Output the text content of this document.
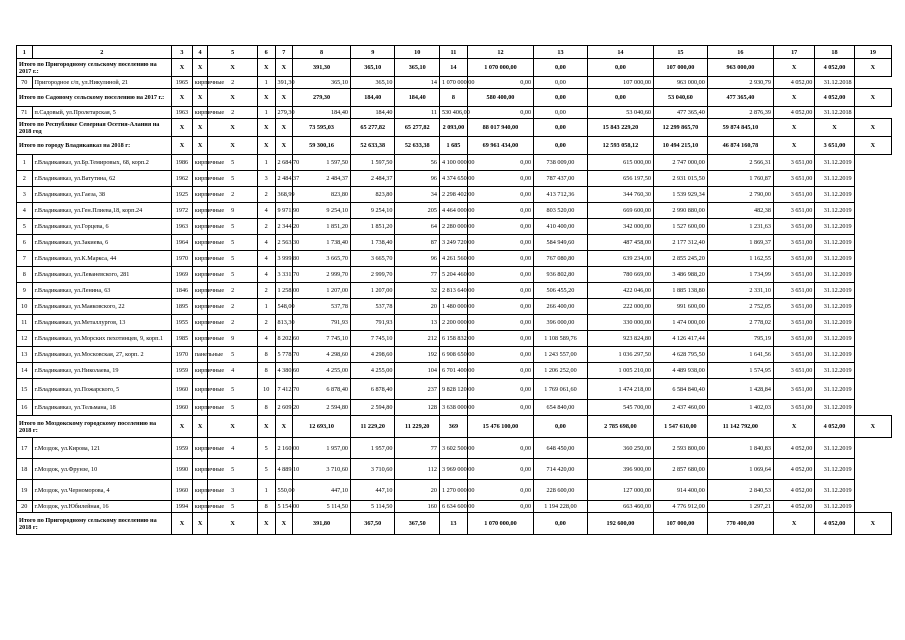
1	2	3	4	5	6	7	8	9	10	11	12	13	14	15	16	17	18	19
Итого по Пригородному сельскому поселению на 2017 г.:		X	X	X	X	X	391,30	365,10	365,10	14	1 070 000,00	0,00	0,00	107 000,00	963 000,00	X	4 052,00	X
70	Пригородное с/п, ул.Никулиной, 21	1965	кирпичные	2	1	391,30	365,10	365,10	14	1 070 000,00	0,00	0,00	107 000,00	963 000,00	2 930,79	4 052,00	31.12.2018	
Итого по Садовому сельскому поселению на 2017 г.:		X	X	X	X	X	279,30	184,40	184,40	8	580 400,00	0,00	0,00	53 040,60	477 365,40	X	4 052,00	X
71	п.Садовый, ул.Пролетарская, 5	1963	кирпичные	2	1	279,30	184,40	184,40	11	530 406,00	0,00	0,00	53 040,60	477 365,40	2 876,39	4 052,00	31.12.2018	
Итого по Республике Северная Осетия-Алания на 2018 год		X	X	X	X	X	73 595,03	65 277,82	65 277,82	2 093,00	88 017 940,00	0,00	15 843 229,20	12 299 865,70	59 874 845,10	X	X	X
Итого по городу Владикавказ на 2018 г:		X	X	X	X	X	59 300,16	52 633,38	52 633,38	1 685	69 961 434,00	0,00	12 593 058,12	10 494 215,10	46 874 160,78	X	3 651,00	X
1	г.Владикавказ, ул.Бр.Темировых, 68, корп.2	1986	кирпичные	5	1	2 684,70	1 597,50	1 597,50	56	4 100 000,00	0,00	738 009,00	615 000,00	2 747 000,00	2 566,31	3 651,00	31.12.2019	
2	г.Владикавказ, ул.Ватутина, 62	1962	кирпичные	5	3	2 484,37	2 484,37	2 484,37	96	4 374 650,00	0,00	787 437,00	656 197,50	2 931 015,50	1 760,87	3 651,00	31.12.2019	
3	г.Владикавказ, ул.Гаеза, 38	1925	кирпичные	2	2	368,99	823,80	823,80	34	2 298 402,00	0,00	413 712,36	344 760,30	1 539 929,34	2 790,00	3 651,00	31.12.2019	
4	г.Владикавказ, ул.Ген.Плиева,18, корп.24	1972	кирпичные	9	4	9 971,90	9 254,10	9 254,10	205	4 464 000,00	0,00	803 520,00	669 600,00	2 990 880,00	482,38	3 651,00	31.12.2019	
5	г.Владикавказ, ул.Горцева, 6	1963	кирпичные	5	2	2 344,20	1 851,20	1 851,20	64	2 280 000,00	0,00	410 400,00	342 000,00	1 527 600,00	1 231,63	3 651,00	31.12.2019	
6	г.Владикавказ, ул.Закиева, 6	1964	кирпичные	5	4	2 563,30	1 738,40	1 738,40	87	3 249 720,00	0,00	584 949,60	487 458,00	2 177 312,40	1 869,37	3 651,00	31.12.2019	
7	г.Владикавказ, ул.К.Маркса, 44	1970	кирпичные	5	4	3 999,80	3 665,70	3 665,70	96	4 261 560,00	0,00	767 080,80	639 234,00	2 855 245,20	1 162,55	3 651,00	31.12.2019	
8	г.Владикавказ, ул.Леваневского, 281	1969	кирпичные	5	4	3 331,70	2 999,70	2 999,70	77	5 204 460,00	0,00	936 802,80	780 669,00	3 486 988,20	1 734,99	3 651,00	31.12.2019	
9	г.Владикавказ, ул.Ленина, 63	1846	кирпичные	2	2	1 258,00	1 207,00	1 207,00	32	2 813 640,00	0,00	506 455,20	422 046,00	1 885 138,80	2 331,10	3 651,00	31.12.2019	
10	г.Владикавказ, ул.Маяковского, 22	1895	кирпичные	2	1	548,00	537,78	537,78	20	1 480 000,00	0,00	266 400,00	222 000,00	991 600,00	2 752,05	3 651,00	31.12.2019	
11	г.Владикавказ, ул.Металлургов, 13	1955	кирпичные	2	2	813,30	791,93	791,93	13	2 200 000,00	0,00	396 000,00	330 000,00	1 474 000,00	2 778,02	3 651,00	31.12.2019	
12	г.Владикавказ, ул.Морских пехотинцев, 9, корп.1	1985	кирпичные	9	4	8 202,60	7 745,10	7 745,10	212	6 158 832,00	0,00	1 108 589,76	923 824,80	4 126 417,44	795,19	3 651,00	31.12.2019	
13	г.Владикавказ, ул.Московская, 27, корп. 2	1970	панельные	5	8	5 778,70	4 298,60	4 298,60	192	6 908 650,00	0,00	1 243 557,00	1 036 297,50	4 628 795,50	1 641,56	3 651,00	31.12.2019	
14	г.Владикавказ, ул.Николаева, 19	1959	кирпичные	4	8	4 380,60	4 255,00	4 255,00	104	6 701 400,00	0,00	1 206 252,00	1 005 210,00	4 489 938,00	1 574,95	3 651,00	31.12.2019	
15	г.Владикавказ, ул.Пожарского, 5	1960	кирпичные	5	10	7 412,70	6 878,40	6 878,40	237	9 828 120,00	0,00	1 769 061,60	1 474 218,00	6 584 840,40	1 428,84	3 651,00	31.12.2019	
16	г.Владикавказ, ул.Тельмана, 18	1960	кирпичные	5	8	2 609,20	2 594,80	2 594,80	128	3 638 000,00	0,00	654 840,00	545 700,00	2 437 460,00	1 402,03	3 651,00	31.12.2019	
Итого по Моздокскому городскому поселению на 2018 г:		X	X	X	X	X	12 693,10	11 229,20	11 229,20	369	15 476 100,00	0,00	2 785 698,00	1 547 610,00	11 142 792,00	X	4 052,00	X
17	г.Моздок, ул.Кирова, 121	1959	кирпичные	4	5	2 160,00	1 957,00	1 957,00	77	3 602 500,00	0,00	648 450,00	360 250,00	2 593 800,00	1 840,83	4 052,00	31.12.2019	
18	г.Моздок, ул.Фрунзе, 10	1990	кирпичные	5	5	4 889,10	3 710,60	3 710,60	112	3 969 000,00	0,00	714 420,00	396 900,00	2 857 680,00	1 069,64	4 052,00	31.12.2019	
19	г.Моздок, ул.Черноморова, 4	1960	кирпичные	3	1	550,00	447,10	447,10	20	1 270 000,00	0,00	228 600,00	127 000,00	914 400,00	2 840,53	4 052,00	31.12.2019	
20	г.Моздок, ул.Юбилейная, 16	1994	кирпичные	5	8	5 154,00	5 114,50	5 114,50	160	6 634 600,00	0,00	1 194 228,00	663 460,00	4 776 912,00	1 297,21	4 052,00	31.12.2019	
Итого по Пригородному сельскому поселению на 2018 г:		X	X	X	X	X	391,80	367,50	367,50	13	1 070 000,00	0,00	192 600,00	107 000,00	770 400,00	X	4 052,00	X
